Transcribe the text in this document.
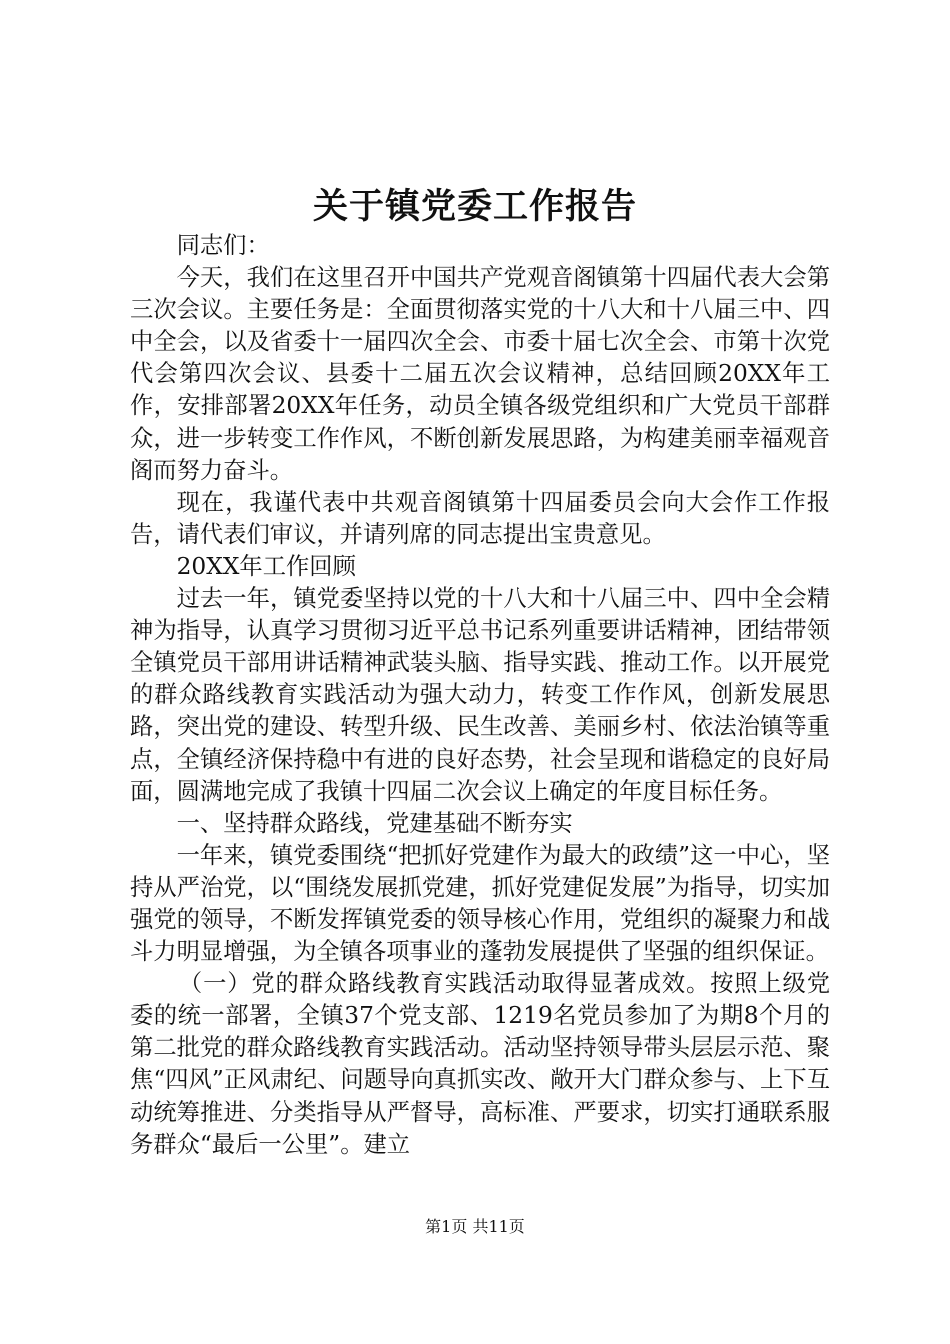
关于镇党委工作报告

同志们：

今天，我们在这里召开中国共产党观音阁镇第十四届代表大会第三次会议。主要任务是：全面贯彻落实党的十八大和十八届三中、四中全会，以及省委十一届四次全会、市委十届七次全会、市第十次党代会第四次会议、县委十二届五次会议精神，总结回顾20XX年工作，安排部署20XX年任务，动员全镇各级党组织和广大党员干部群众，进一步转变工作作风，不断创新发展思路，为构建美丽幸福观音阁而努力奋斗。

现在，我谨代表中共观音阁镇第十四届委员会向大会作工作报告，请代表们审议，并请列席的同志提出宝贵意见。

20XX年工作回顾

过去一年，镇党委坚持以党的十八大和十八届三中、四中全会精神为指导，认真学习贯彻习近平总书记系列重要讲话精神，团结带领全镇党员干部用讲话精神武装头脑、指导实践、推动工作。以开展党的群众路线教育实践活动为强大动力，转变工作作风，创新发展思路，突出党的建设、转型升级、民生改善、美丽乡村、依法治镇等重点，全镇经济保持稳中有进的良好态势，社会呈现和谐稳定的良好局面，圆满地完成了我镇十四届二次会议上确定的年度目标任务。

一、坚持群众路线，党建基础不断夯实

一年来，镇党委围绕“把抓好党建作为最大的政绩”这一中心，坚持从严治党，以“围绕发展抓党建，抓好党建促发展”为指导，切实加强党的领导，不断发挥镇党委的领导核心作用，党组织的凝聚力和战斗力明显增强，为全镇各项事业的蓬勃发展提供了坚强的组织保证。

（一）党的群众路线教育实践活动取得显著成效。按照上级党委的统一部署，全镇37个党支部、1219名党员参加了为期8个月的第二批党的群众路线教育实践活动。活动坚持领导带头层层示范、聚焦“四风”正风肃纪、问题导向真抓实改、敞开大门群众参与、上下互动统筹推进、分类指导从严督导，高标准、严要求，切实打通联系服务群众“最后一公里”。建立

第1页 共11页
